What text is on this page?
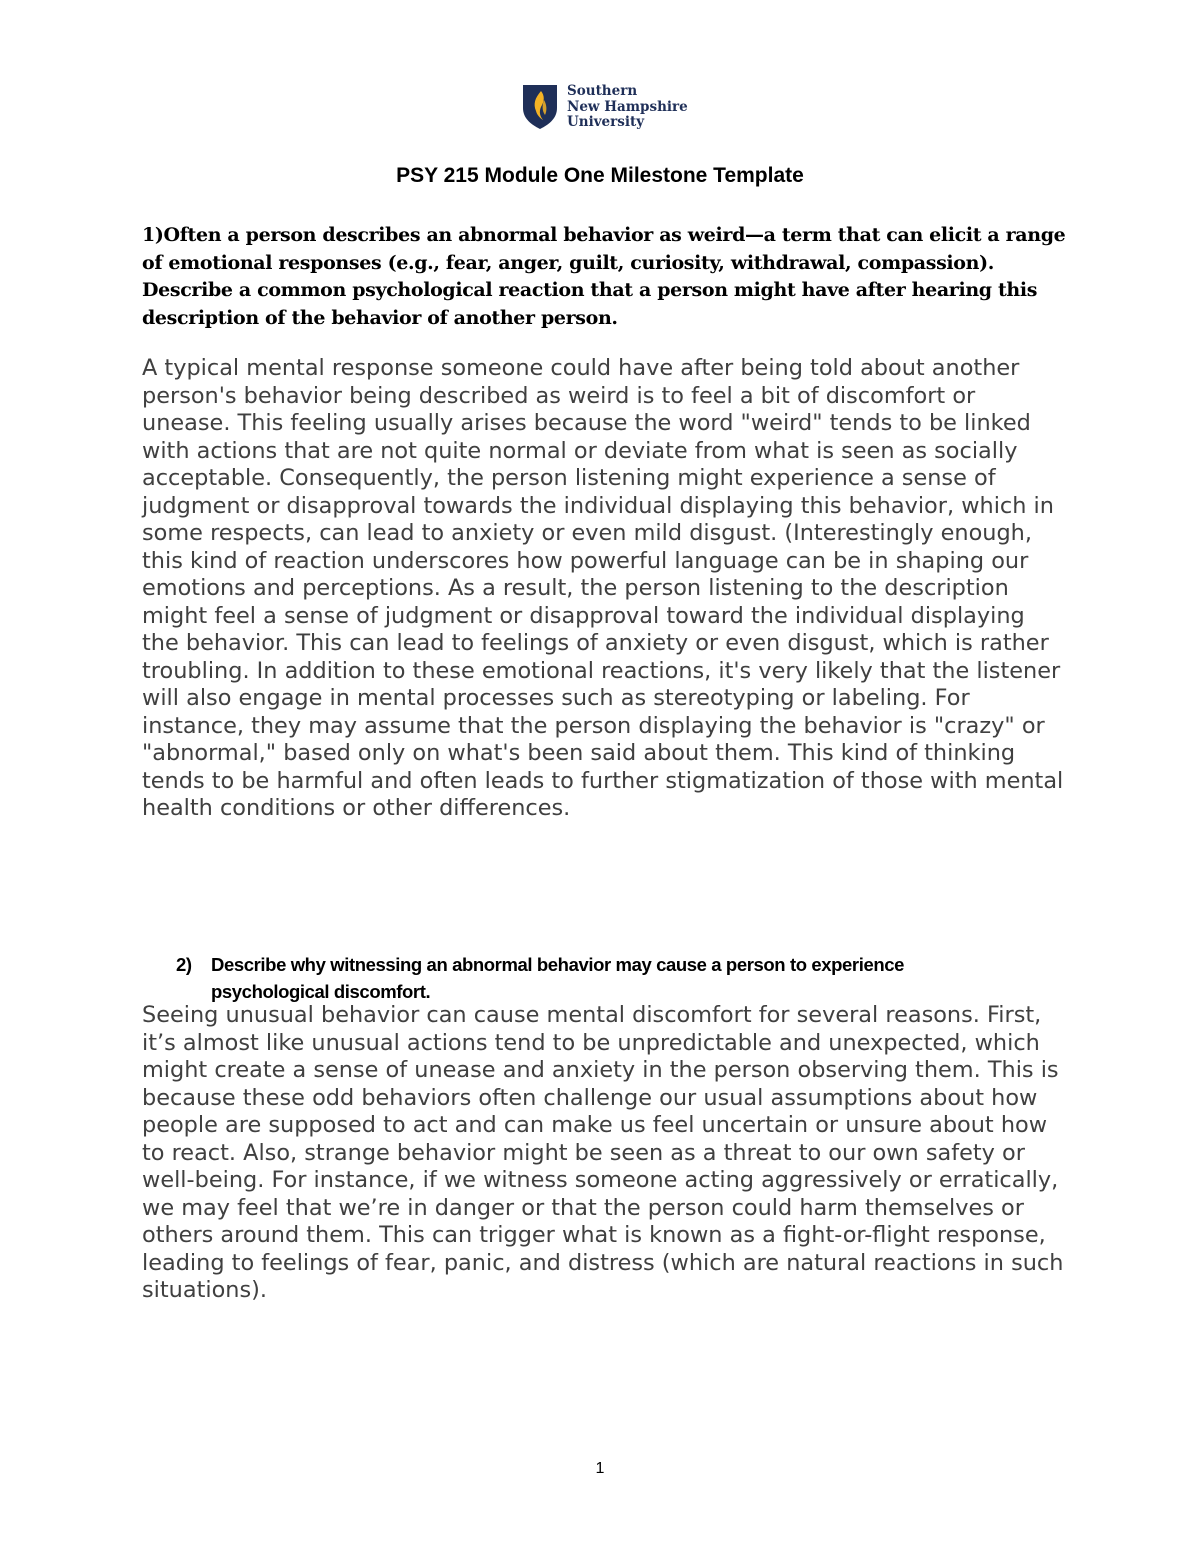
Southern
New Hampshire
University
PSY 215 Module One Milestone Template
1)Often a person describes an abnormal behavior as weird—a term that can elicit a range of emotional responses (e.g., fear, anger, guilt, curiosity, withdrawal, compassion). Describe a common psychological reaction that a person might have after hearing this description of the behavior of another person.
A typical mental response someone could have after being told about another person's behavior being described as weird is to feel a bit of discomfort or unease. This feeling usually arises because the word "weird" tends to be linked with actions that are not quite normal or deviate from what is seen as socially acceptable. Consequently, the person listening might experience a sense of judgment or disapproval towards the individual displaying this behavior, which in some respects, can lead to anxiety or even mild disgust. (Interestingly enough, this kind of reaction underscores how powerful language can be in shaping our emotions and perceptions. As a result, the person listening to the description might feel a sense of judgment or disapproval toward the individual displaying the behavior. This can lead to feelings of anxiety or even disgust, which is rather troubling. In addition to these emotional reactions, it's very likely that the listener will also engage in mental processes such as stereotyping or labeling. For instance, they may assume that the person displaying the behavior is "crazy" or "abnormal," based only on what's been said about them. This kind of thinking tends to be harmful and often leads to further stigmatization of those with mental health conditions or other differences.
2) Describe why witnessing an abnormal behavior may cause a person to experience psychological discomfort.
Seeing unusual behavior can cause mental discomfort for several reasons. First, it’s almost like unusual actions tend to be unpredictable and unexpected, which might create a sense of unease and anxiety in the person observing them. This is because these odd behaviors often challenge our usual assumptions about how people are supposed to act and can make us feel uncertain or unsure about how to react. Also, strange behavior might be seen as a threat to our own safety or well-being. For instance, if we witness someone acting aggressively or erratically, we may feel that we’re in danger or that the person could harm themselves or others around them. This can trigger what is known as a fight-or-flight response, leading to feelings of fear, panic, and distress (which are natural reactions in such situations).
1
